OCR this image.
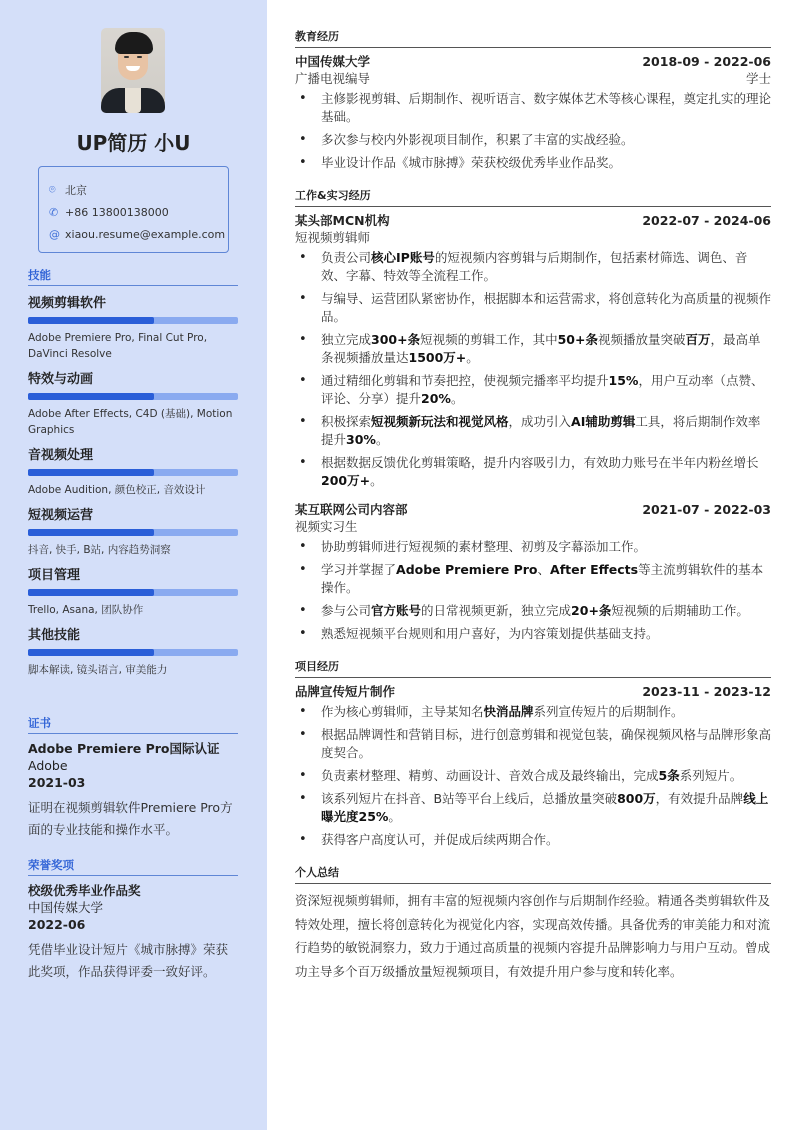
UP简历 小U
⌾ 北京
✆ +86 13800138000
@ xiaou.resume@example.com
技能
视频剪辑软件
Adobe Premiere Pro, Final Cut Pro, DaVinci Resolve
特效与动画
Adobe After Effects, C4D (基础), Motion Graphics
音视频处理
Adobe Audition, 颜色校正, 音效设计
短视频运营
抖音, 快手, B站, 内容趋势洞察
项目管理
Trello, Asana, 团队协作
其他技能
脚本解读, 镜头语言, 审美能力
证书
Adobe Premiere Pro国际认证
Adobe
2021-03
证明在视频剪辑软件Premiere Pro方面的专业技能和操作水平。
荣誉奖项
校级优秀毕业作品奖
中国传媒大学
2022-06
凭借毕业设计短片《城市脉搏》荣获此奖项，作品获得评委一致好评。
教育经历
中国传媒大学	2018-09 - 2022-06
广播电视编导	学士
• 主修影视剪辑、后期制作、视听语言、数字媒体艺术等核心课程，奠定扎实的理论基础。
• 多次参与校内外影视项目制作，积累了丰富的实战经验。
• 毕业设计作品《城市脉搏》荣获校级优秀毕业作品奖。
工作&实习经历
某头部MCN机构	2022-07 - 2024-06
短视频剪辑师
• 负责公司核心IP账号的短视频内容剪辑与后期制作，包括素材筛选、调色、音效、字幕、特效等全流程工作。
• 与编导、运营团队紧密协作，根据脚本和运营需求，将创意转化为高质量的视频作品。
• 独立完成300+条短视频的剪辑工作，其中50+条视频播放量突破百万，最高单条视频播放量达1500万+。
• 通过精细化剪辑和节奏把控，使视频完播率平均提升15%，用户互动率（点赞、评论、分享）提升20%。
• 积极探索短视频新玩法和视觉风格，成功引入AI辅助剪辑工具，将后期制作效率提升30%。
• 根据数据反馈优化剪辑策略，提升内容吸引力，有效助力账号在半年内粉丝增长200万+。
某互联网公司内容部	2021-07 - 2022-03
视频实习生
• 协助剪辑师进行短视频的素材整理、初剪及字幕添加工作。
• 学习并掌握了Adobe Premiere Pro、After Effects等主流剪辑软件的基本操作。
• 参与公司官方账号的日常视频更新，独立完成20+条短视频的后期辅助工作。
• 熟悉短视频平台规则和用户喜好，为内容策划提供基础支持。
项目经历
品牌宣传短片制作	2023-11 - 2023-12
• 作为核心剪辑师，主导某知名快消品牌系列宣传短片的后期制作。
• 根据品牌调性和营销目标，进行创意剪辑和视觉包装，确保视频风格与品牌形象高度契合。
• 负责素材整理、精剪、动画设计、音效合成及最终输出，完成5条系列短片。
• 该系列短片在抖音、B站等平台上线后，总播放量突破800万，有效提升品牌线上曝光度25%。
• 获得客户高度认可，并促成后续两期合作。
个人总结
资深短视频剪辑师，拥有丰富的短视频内容创作与后期制作经验。精通各类剪辑软件及特效处理，擅长将创意转化为视觉化内容，实现高效传播。具备优秀的审美能力和对流行趋势的敏锐洞察力，致力于通过高质量的视频内容提升品牌影响力与用户互动。曾成功主导多个百万级播放量短视频项目，有效提升用户参与度和转化率。
